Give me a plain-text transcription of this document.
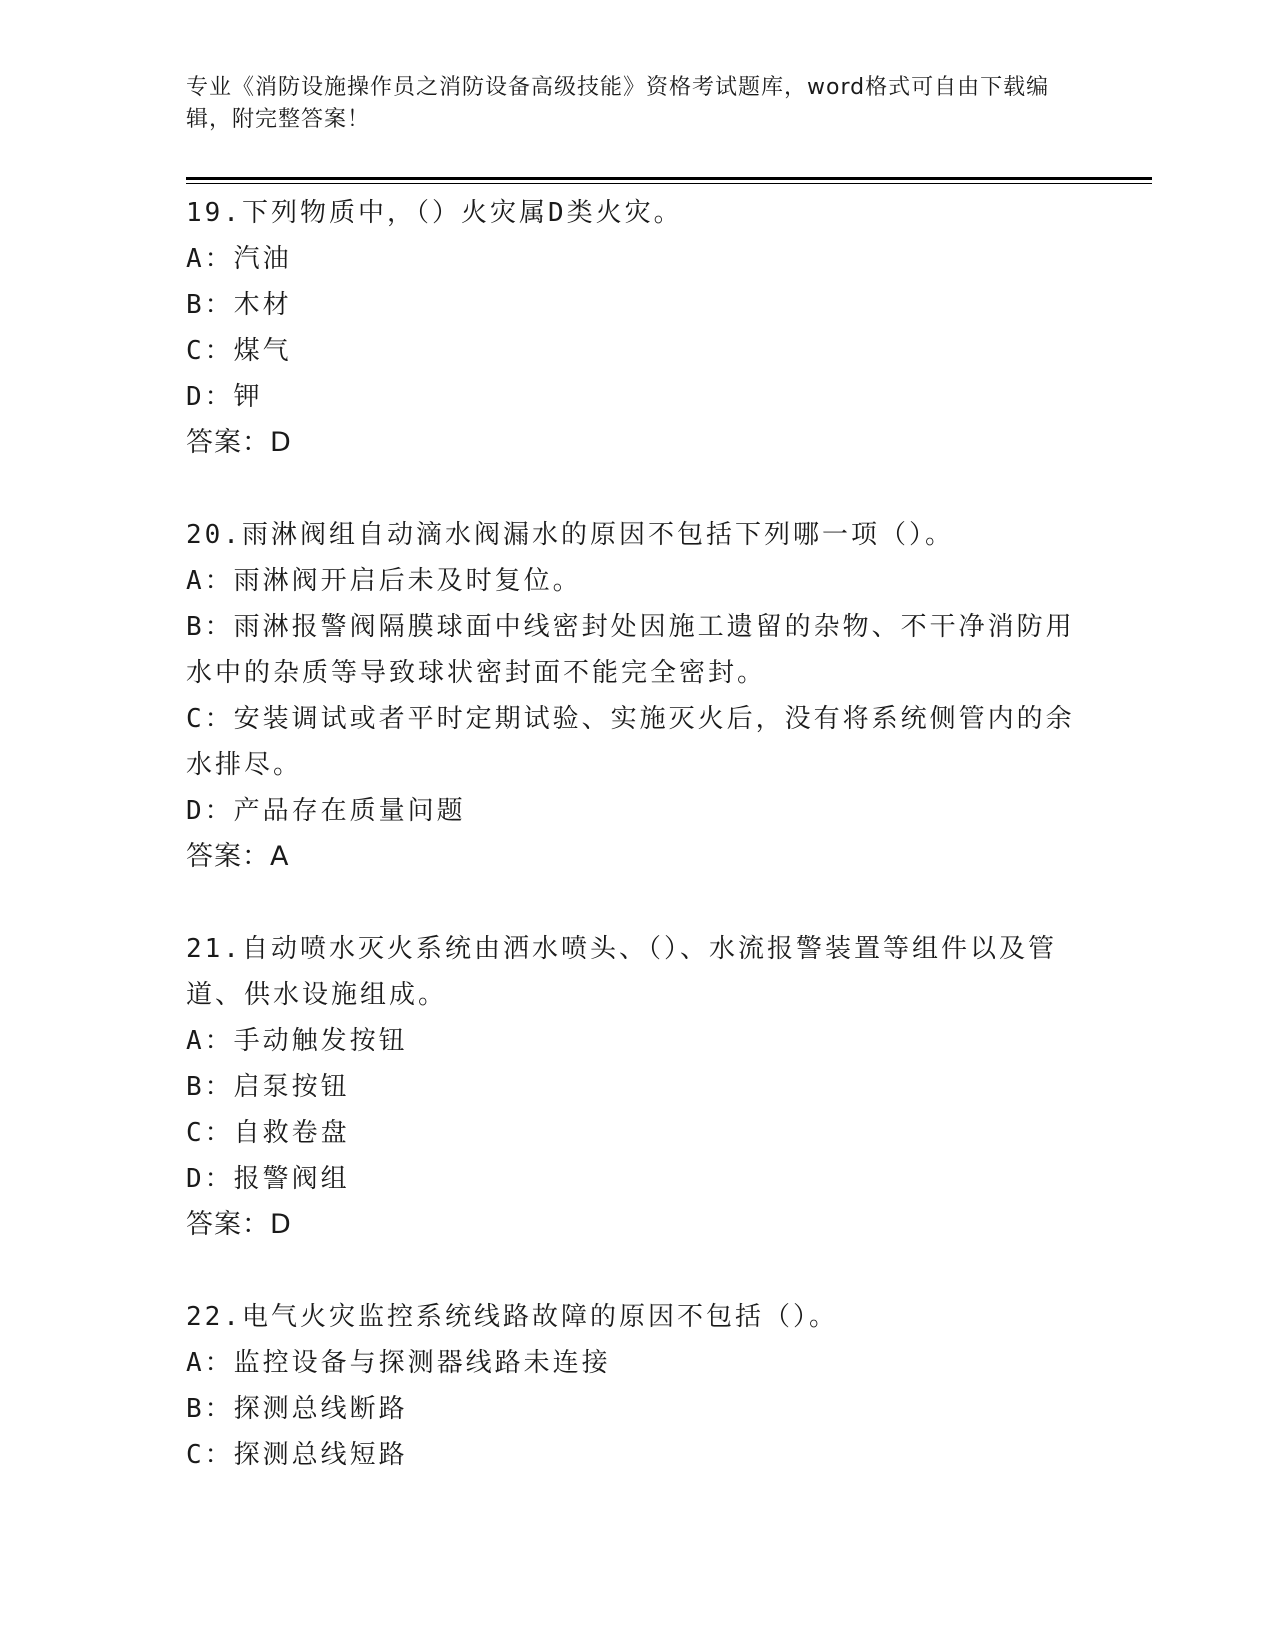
专业《消防设施操作员之消防设备高级技能》资格考试题库，word格式可自由下载编辑，附完整答案！
19.下列物质中，（）火灾属D类火灾。
A：汽油
B：木材
C：煤气
D：钾
答案：D
20.雨淋阀组自动滴水阀漏水的原因不包括下列哪一项（）。
A：雨淋阀开启后未及时复位。
B：雨淋报警阀隔膜球面中线密封处因施工遗留的杂物、不干净消防用水中的杂质等导致球状密封面不能完全密封。
C：安装调试或者平时定期试验、实施灭火后，没有将系统侧管内的余水排尽。
D：产品存在质量问题
答案：A
21.自动喷水灭火系统由洒水喷头、（）、水流报警装置等组件以及管道、供水设施组成。
A：手动触发按钮
B：启泵按钮
C：自救卷盘
D：报警阀组
答案：D
22.电气火灾监控系统线路故障的原因不包括（）。
A：监控设备与探测器线路未连接
B：探测总线断路
C：探测总线短路
